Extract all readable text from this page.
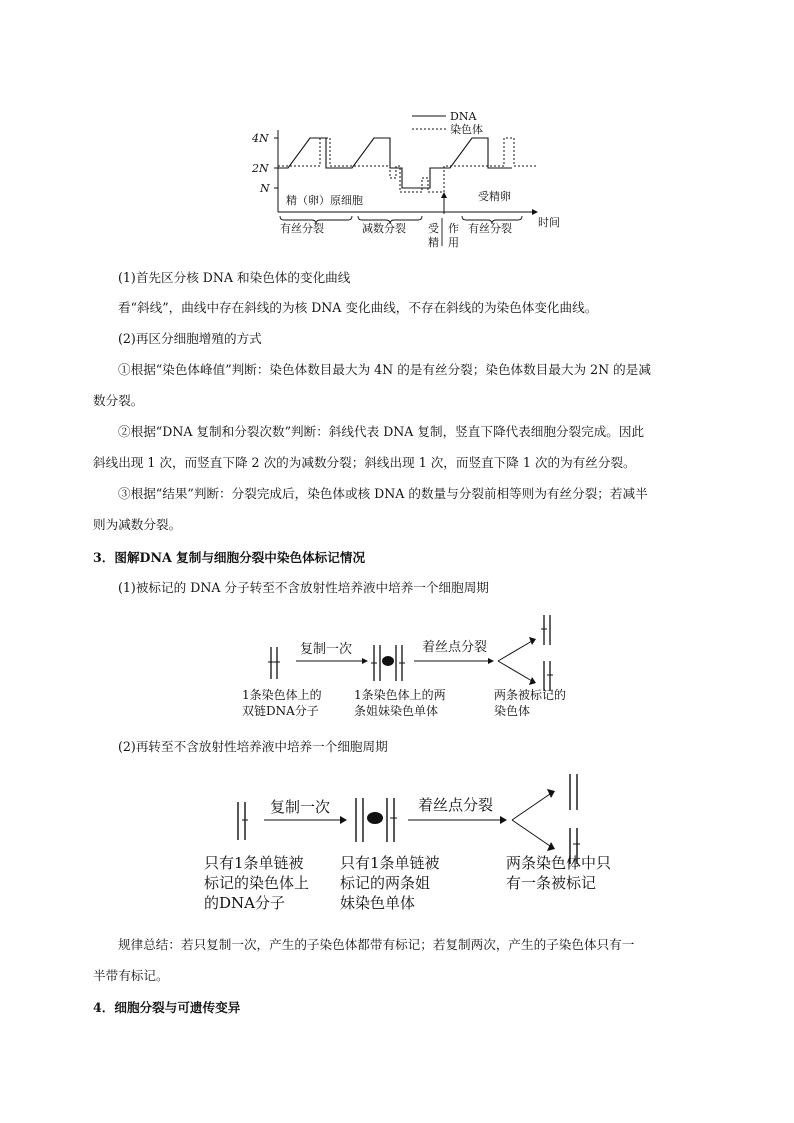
4N
2N
N
DNA
染色体
精（卵）原细胞	受精卵
有丝分裂	减数分裂 受
精
作
用
有丝分裂 时间
(1)首先区分核 DNA 和染色体的变化曲线
看“斜线”，曲线中存在斜线的为核 DNA 变化曲线，不存在斜线的为染色体变化曲线。
(2)再区分细胞增殖的方式
①根据“染色体峰值”判断：染色体数目最大为 4N 的是有丝分裂；染色体数目最大为 2N 的是减
数分裂。
②根据“DNA 复制和分裂次数”判断：斜线代表 DNA 复制，竖直下降代表细胞分裂完成。因此
斜线出现 1 次，而竖直下降 2 次的为减数分裂；斜线出现 1 次，而竖直下降 1 次的为有丝分裂。
③根据“结果”判断：分裂完成后，染色体或核 DNA 的数量与分裂前相等则为有丝分裂；若减半
则为减数分裂。
3．图解DNA 复制与细胞分裂中染色体标记情况
(1)被标记的 DNA 分子转至不含放射性培养液中培养一个细胞周期
复制一次	着丝点分裂
1条染色体上的
双链DNA分子
1条染色体上的两
条姐妹染色单体
两条被标记的
染色体
(2)再转至不含放射性培养液中培养一个细胞周期
复制一次	着丝点分裂
只有1条单链被
标记的染色体上
的DNA分子
只有1条单链被
标记的两条姐
妹染色单体
两条染色体中只
有一条被标记
规律总结：若只复制一次，产生的子染色体都带有标记；若复制两次，产生的子染色体只有一
半带有标记。
4．细胞分裂与可遗传变异
